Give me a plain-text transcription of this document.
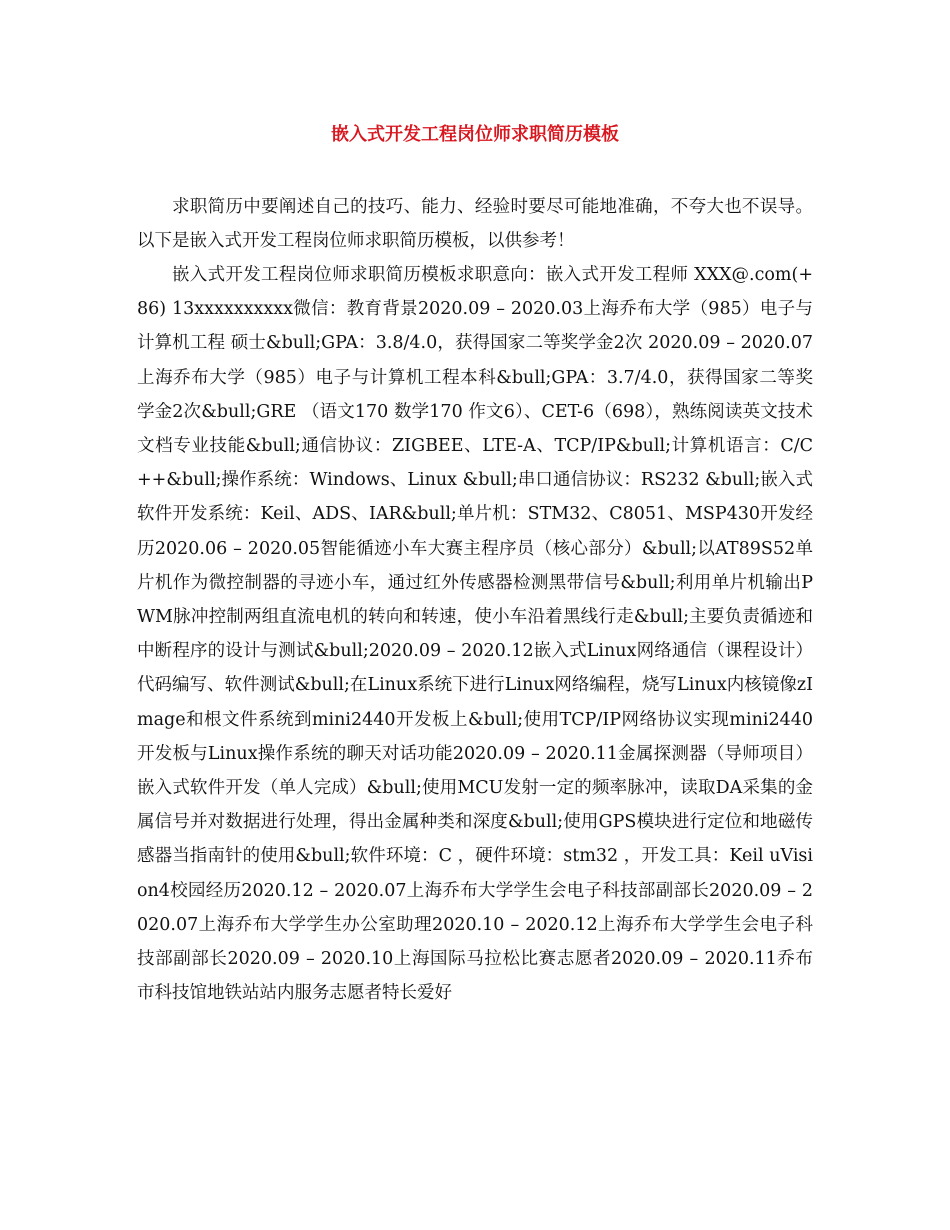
嵌入式开发工程岗位师求职简历模板

求职简历中要阐述自己的技巧、能力、经验时要尽可能地准确，不夸大也不误导。以下是嵌入式开发工程岗位师求职简历模板，以供参考！

嵌入式开发工程岗位师求职简历模板求职意向：嵌入式开发工程师 XXX@.com(+86) 13xxxxxxxxxx微信：教育背景2020.09 – 2020.03上海乔布大学（985）电子与计算机工程 硕士&bull;GPA：3.8/4.0，获得国家二等奖学金2次 2020.09 – 2020.07上海乔布大学（985）电子与计算机工程本科&bull;GPA：3.7/4.0，获得国家二等奖学金2次&bull;GRE （语文170 数学170 作文6）、CET-6（698），熟练阅读英文技术文档专业技能&bull;通信协议：ZIGBEE、LTE-A、TCP/IP&bull;计算机语言：C/C++&bull;操作系统：Windows、Linux &bull;串口通信协议：RS232 &bull;嵌入式软件开发系统：Keil、ADS、IAR&bull;单片机：STM32、C8051、MSP430开发经历2020.06 – 2020.05智能循迹小车大赛主程序员（核心部分）&bull;以AT89S52单片机作为微控制器的寻迹小车，通过红外传感器检测黑带信号&bull;利用单片机输出PWM脉冲控制两组直流电机的转向和转速，使小车沿着黑线行走&bull;主要负责循迹和中断程序的设计与测试&bull;2020.09 – 2020.12嵌入式Linux网络通信（课程设计）代码编写、软件测试&bull;在Linux系统下进行Linux网络编程，烧写Linux内核镜像zImage和根文件系统到mini2440开发板上&bull;使用TCP/IP网络协议实现mini2440开发板与Linux操作系统的聊天对话功能2020.09 – 2020.11金属探测器（导师项目） 嵌入式软件开发（单人完成）&bull;使用MCU发射一定的频率脉冲，读取DA采集的金属信号并对数据进行处理，得出金属种类和深度&bull;使用GPS模块进行定位和地磁传感器当指南针的使用&bull;软件环境：C ，硬件环境：stm32 ，开发工具：Keil uVision4校园经历2020.12 – 2020.07上海乔布大学学生会电子科技部副部长2020.09 – 2020.07上海乔布大学学生办公室助理2020.10 – 2020.12上海乔布大学学生会电子科技部副部长2020.09 – 2020.10上海国际马拉松比赛志愿者2020.09 – 2020.11乔布市科技馆地铁站站内服务志愿者特长爱好
